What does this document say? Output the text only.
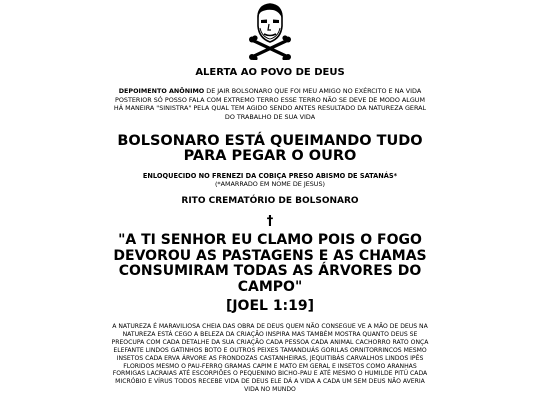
ALERTA AO POVO DE DEUS
DEPOIMENTO ANÔNIMO DE JAIR BOLSONARO QUE FOI MEU AMIGO NO EXÉRCITO E NA VIDA POSTERIOR SÓ POSSO FALA COM EXTREMO TERRO ESSE TERRO NÃO SE DEVE DE MODO ALGUM HÁ MANEIRA "SINISTRA" PELA QUAL TEM AGIDO SENDO ANTES RESULTADO DA NATUREZA GERAL DO TRABALHO DE SUA VIDA
BOLSONARO ESTÁ QUEIMANDO TUDO
PARA PEGAR O OURO
ENLOQUECIDO NO FRENEZI DA COBIÇA PRESO ABISMO DE SATANÁS*
(*AMARRADO EM NOME DE JESUS)
RITO CREMATÓRIO DE BOLSONARO
†
"A TI SENHOR EU CLAMO POIS O FOGO DEVOROU AS PASTAGENS E AS CHAMAS CONSUMIRAM TODAS AS ÁRVORES DO CAMPO"
[JOEL 1:19]
A NATUREZA É MARAVILIOSA CHEIA DAS OBRA DE DEUS QUEM NÃO CONSEGUE VE A MÃO DE DEUS NA NATUREZA ESTÁ CEGO A BELEZA DA CRIAÇÃO INSPIRA MAS TAMBÉM MOSTRA QUANTO DEUS SE PREOCUPA COM CADA DETALHE DA SUA CRIAÇÃO CADA PESSOA CADA ANIMAL CACHORRO RATO ONÇA ELEFANTE LINDOS GATINHOS BOTO E OUTROS PEIXES TAMANDUÁS GORILAS ORNITORRINCOS MESMO INSETOS CADA ERVA ÁRVORE AS FRONDOZAS CASTANHEIRAS, JEQUITIBÁS CARVALHOS LINDOS IPÊS FLORIDOS MESMO O PAU-FERRO GRAMAS CAPIM E MATO EM GERAL E INSETOS COMO ARANHAS FORMIGAS LACRAIAS ATÉ ESCORPIÕES O PEQUENINO BICHO-PAU E ATÉ MESMO O HUMILDE PITÚ CADA MICRÓBIO E VÍRUS TODOS RECEBE VIDA DE DEUS ELE DÁ A VIDA A CADA UM SEM DEUS NÃO AVERIA VIDA NO MUNDO
